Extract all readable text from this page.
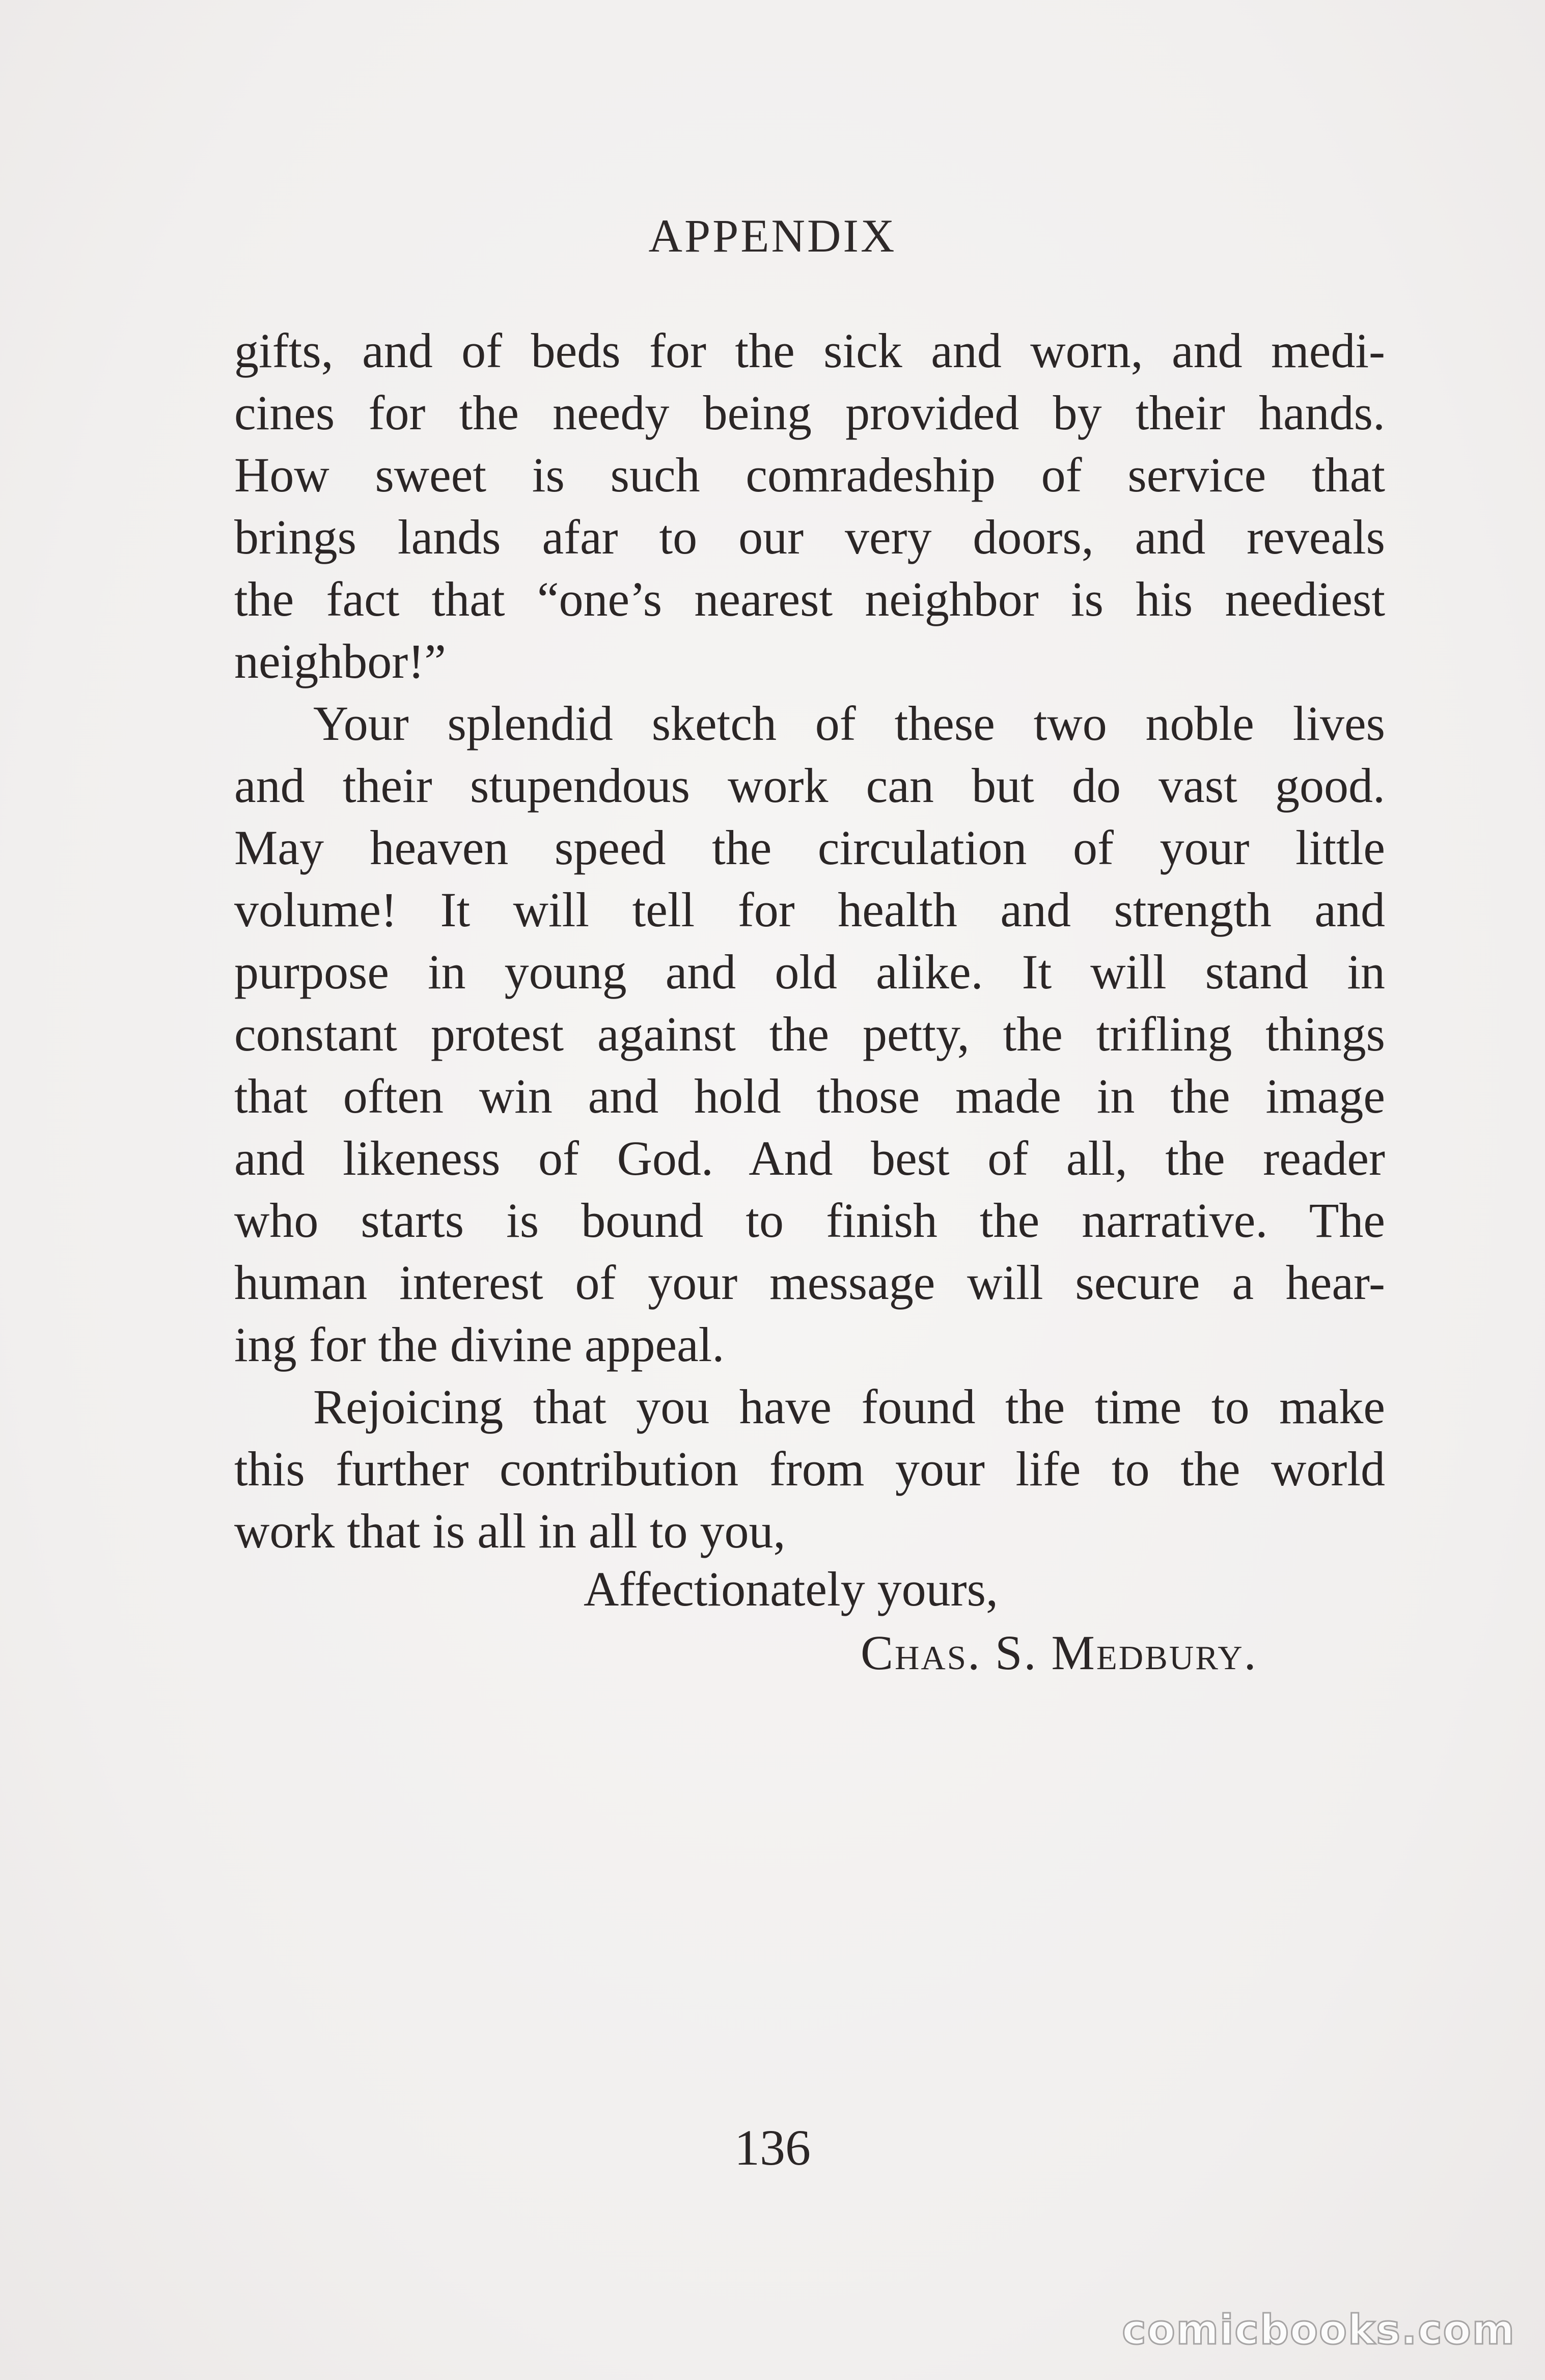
APPENDIX
gifts, and of beds for the sick and worn, and medi-
cines for the needy being provided by their hands.
How sweet is such comradeship of service that
brings lands afar to our very doors, and reveals
the fact that “one’s nearest neighbor is his neediest
neighbor!”
Your splendid sketch of these two noble lives
and their stupendous work can but do vast good.
May heaven speed the circulation of your little
volume! It will tell for health and strength and
purpose in young and old alike. It will stand in
constant protest against the petty, the trifling things
that often win and hold those made in the image
and likeness of God. And best of all, the reader
who starts is bound to finish the narrative. The
human interest of your message will secure a hear-
ing for the divine appeal.
Rejoicing that you have found the time to make
this further contribution from your life to the world
work that is all in all to you,
Affectionately yours,
Chas. S. Medbury.
136
comicbooks.com
